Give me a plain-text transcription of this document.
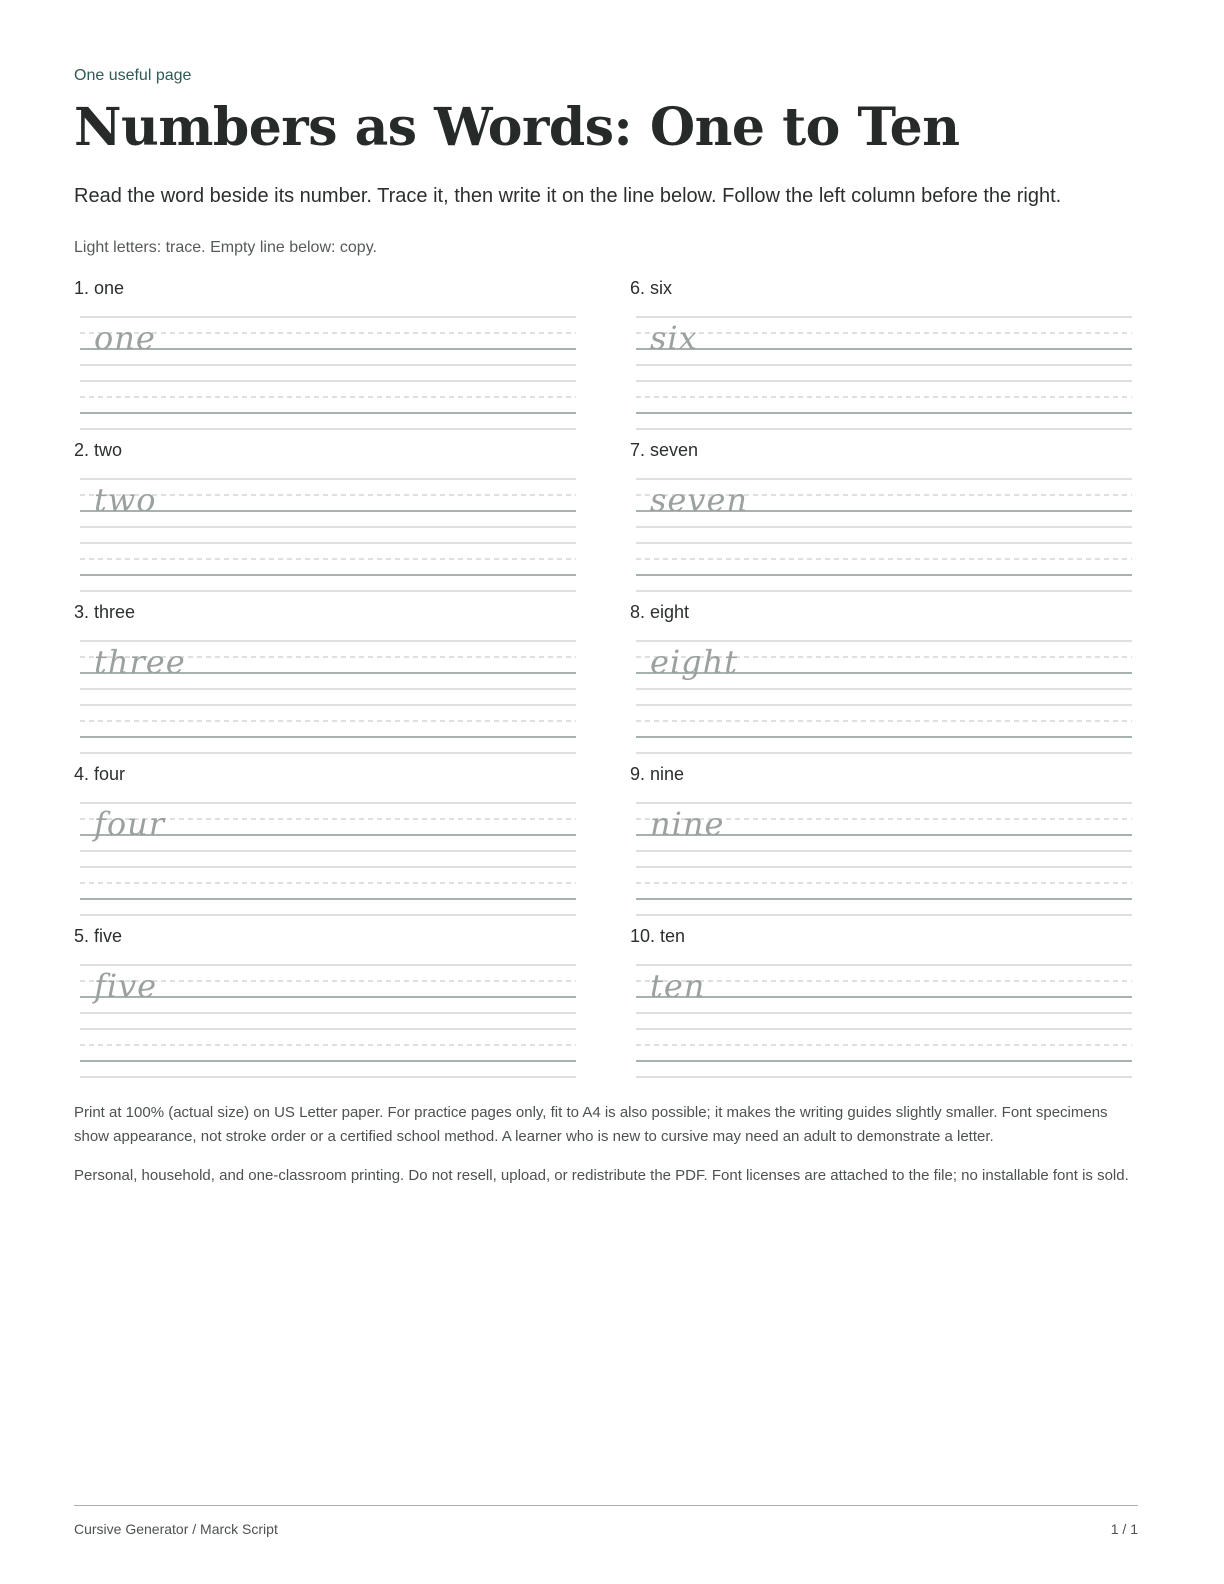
One useful page
Numbers as Words: One to Ten
Read the word beside its number. Trace it, then write it on the line below. Follow the left column before the right.
Light letters: trace. Empty line below: copy.
1. one
one
2. two
two
3. three
three
4. four
four
5. five
five
6. six
six
7. seven
seven
8. eight
eight
9. nine
nine
10. ten
ten

Print at 100% (actual size) on US Letter paper. For practice pages only, fit to A4 is also possible; it makes the writing guides slightly smaller. Font specimens show appearance, not stroke order or a certified school method. A learner who is new to cursive may need an adult to demonstrate a letter.

Personal, household, and one-classroom printing. Do not resell, upload, or redistribute the PDF. Font licenses are attached to the file; no installable font is sold.

Cursive Generator / Marck Script	1 / 1
